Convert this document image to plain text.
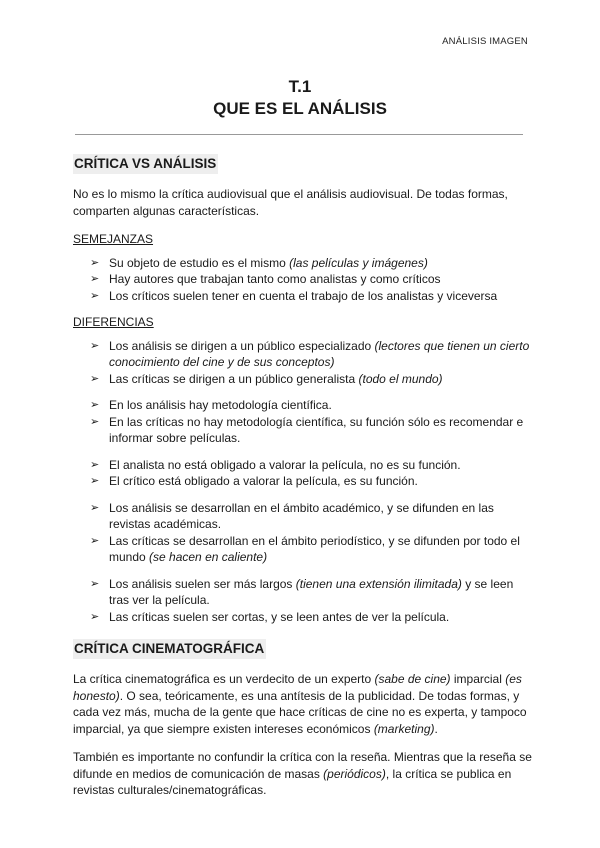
ANÁLISIS IMAGEN
T.1
QUE ES EL ANÁLISIS
CRÍTICA VS ANÁLISIS

No es lo mismo la crítica audiovisual que el análisis audiovisual. De todas formas, comparten algunas características.

SEMEJANZAS
➢ Su objeto de estudio es el mismo (las películas y imágenes)
➢ Hay autores que trabajan tanto como analistas y como críticos
➢ Los críticos suelen tener en cuenta el trabajo de los analistas y viceversa
DIFERENCIAS
➢ Los análisis se dirigen a un público especializado (lectores que tienen un cierto conocimiento del cine y de sus conceptos)
➢ Las críticas se dirigen a un público generalista (todo el mundo)
➢ En los análisis hay metodología científica.
➢ En las críticas no hay metodología científica, su función sólo es recomendar e informar sobre películas.
➢ El analista no está obligado a valorar la película, no es su función.
➢ El crítico está obligado a valorar la película, es su función.
➢ Los análisis se desarrollan en el ámbito académico, y se difunden en las revistas académicas.
➢ Las críticas se desarrollan en el ámbito periodístico, y se difunden por todo el mundo (se hacen en caliente)
➢ Los análisis suelen ser más largos (tienen una extensión ilimitada) y se leen tras ver la película.
➢ Las críticas suelen ser cortas, y se leen antes de ver la película.
CRÍTICA CINEMATOGRÁFICA

La crítica cinematográfica es un verdecito de un experto (sabe de cine) imparcial (es honesto). O sea, teóricamente, es una antítesis de la publicidad. De todas formas, y cada vez más, mucha de la gente que hace críticas de cine no es experta, y tampoco imparcial, ya que siempre existen intereses económicos (marketing).

También es importante no confundir la crítica con la reseña. Mientras que la reseña se difunde en medios de comunicación de masas (periódicos), la crítica se publica en revistas culturales/cinematográficas.
